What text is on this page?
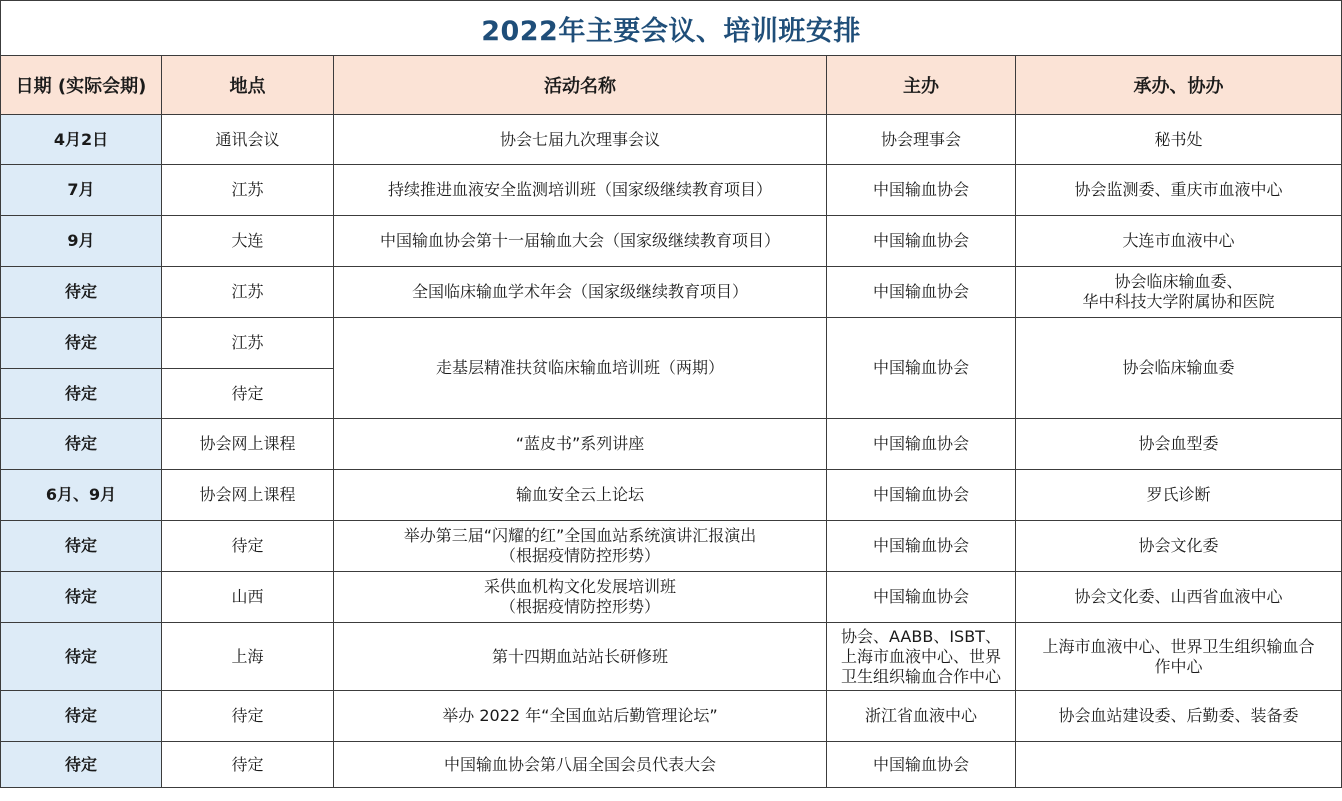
2022年主要会议、培训班安排				
日期 (实际会期)	地点	活动名称	主办	承办、协办
4月2日	通讯会议	协会七届九次理事会议	协会理事会	秘书处

7月	江苏	持续推进血液安全监测培训班（国家级继续教育项目）	中国输血协会	协会监测委、重庆市血液中心

9月	大连	中国输血协会第十一届输血大会（国家级继续教育项目）	中国输血协会	大连市血液中心

待定	江苏	全国临床输血学术年会（国家级继续教育项目）	中国输血协会	协会临床输血委、
华中科技大学附属协和医院

待定	江苏	走基层精准扶贫临床输血培训班（两期）	中国输血协会	协会临床输血委

待定	待定			
待定	协会网上课程	“蓝皮书”系列讲座	中国输血协会	协会血型委

6月、9月	协会网上课程	输血安全云上论坛	中国输血协会	罗氏诊断

待定	待定	举办第三届“闪耀的红”全国血站系统演讲汇报演出
（根据疫情防控形势）	中国输血协会	协会文化委

待定	山西	采供血机构文化发展培训班
（根据疫情防控形势）	中国输血协会	协会文化委、山西省血液中心

待定	上海	第十四期血站站长研修班	协会、AABB、ISBT、
上海市血液中心、世界
卫生组织输血合作中心	上海市血液中心、世界卫生组织输血合
作中心

待定	待定	举办 2022 年“全国血站后勤管理论坛”	浙江省血液中心	协会血站建设委、后勤委、装备委

待定	待定	中国输血协会第八届全国会员代表大会	中国输血协会	
